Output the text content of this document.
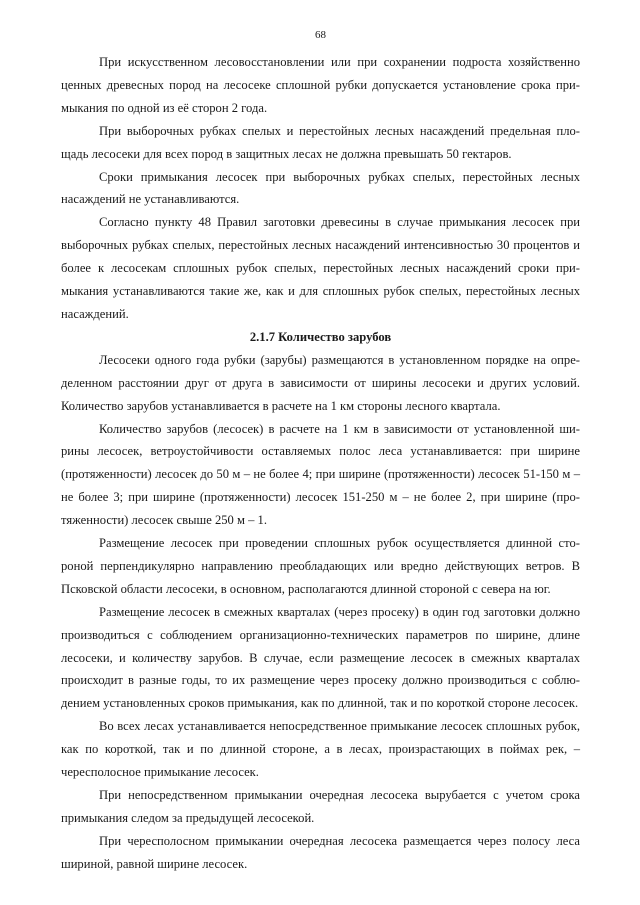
68

При искусственном лесовосстановлении или при сохранении подроста хозяйственно ценных древесных пород на лесосеке сплошной рубки допускается установление срока примыкания по одной из её сторон 2 года.

При выборочных рубках спелых и перестойных лесных насаждений предельная площадь лесосеки для всех пород в защитных лесах не должна превышать 50 гектаров.

Сроки примыкания лесосек при выборочных рубках спелых, перестойных лесных насаждений не устанавливаются.

Согласно пункту 48 Правил заготовки древесины в случае примыкания лесосек при выборочных рубках спелых, перестойных лесных насаждений интенсивностью 30 процентов и более к лесосекам сплошных рубок спелых, перестойных лесных насаждений сроки примыкания устанавливаются такие же, как и для сплошных рубок спелых, перестойных лесных насаждений.

2.1.7 Количество зарубов

Лесосеки одного года рубки (зарубы) размещаются в установленном порядке на определенном расстоянии друг от друга в зависимости от ширины лесосеки и других условий. Количество зарубов устанавливается в расчете на 1 км стороны лесного квартала.

Количество зарубов (лесосек) в расчете на 1 км в зависимости от установленной ширины лесосек, ветроустойчивости оставляемых полос леса устанавливается: при ширине (протяженности) лесосек до 50 м – не более 4; при ширине (протяженности) лесосек 51-150 м – не более 3; при ширине (протяженности) лесосек 151-250 м – не более 2, при ширине (протяженности) лесосек свыше 250 м – 1.

Размещение лесосек при проведении сплошных рубок осуществляется длинной стороной перпендикулярно направлению преобладающих или вредно действующих ветров. В Псковской области лесосеки, в основном, располагаются длинной стороной с севера на юг.

Размещение лесосек в смежных кварталах (через просеку) в один год заготовки должно производиться с соблюдением организационно-технических параметров по ширине, длине лесосеки, и количеству зарубов. В случае, если размещение лесосек в смежных кварталах происходит в разные годы, то их размещение через просеку должно производиться с соблюдением установленных сроков примыкания, как по длинной, так и по короткой стороне лесосек.

Во всех лесах устанавливается непосредственное примыкание лесосек сплошных рубок, как по короткой, так и по длинной стороне, а в лесах, произрастающих в поймах рек, – чересполосное примыкание лесосек.

При непосредственном примыкании очередная лесосека вырубается с учетом срока примыкания следом за предыдущей лесосекой.

При чересполосном примыкании очередная лесосека размещается через полосу леса шириной, равной ширине лесосек.
